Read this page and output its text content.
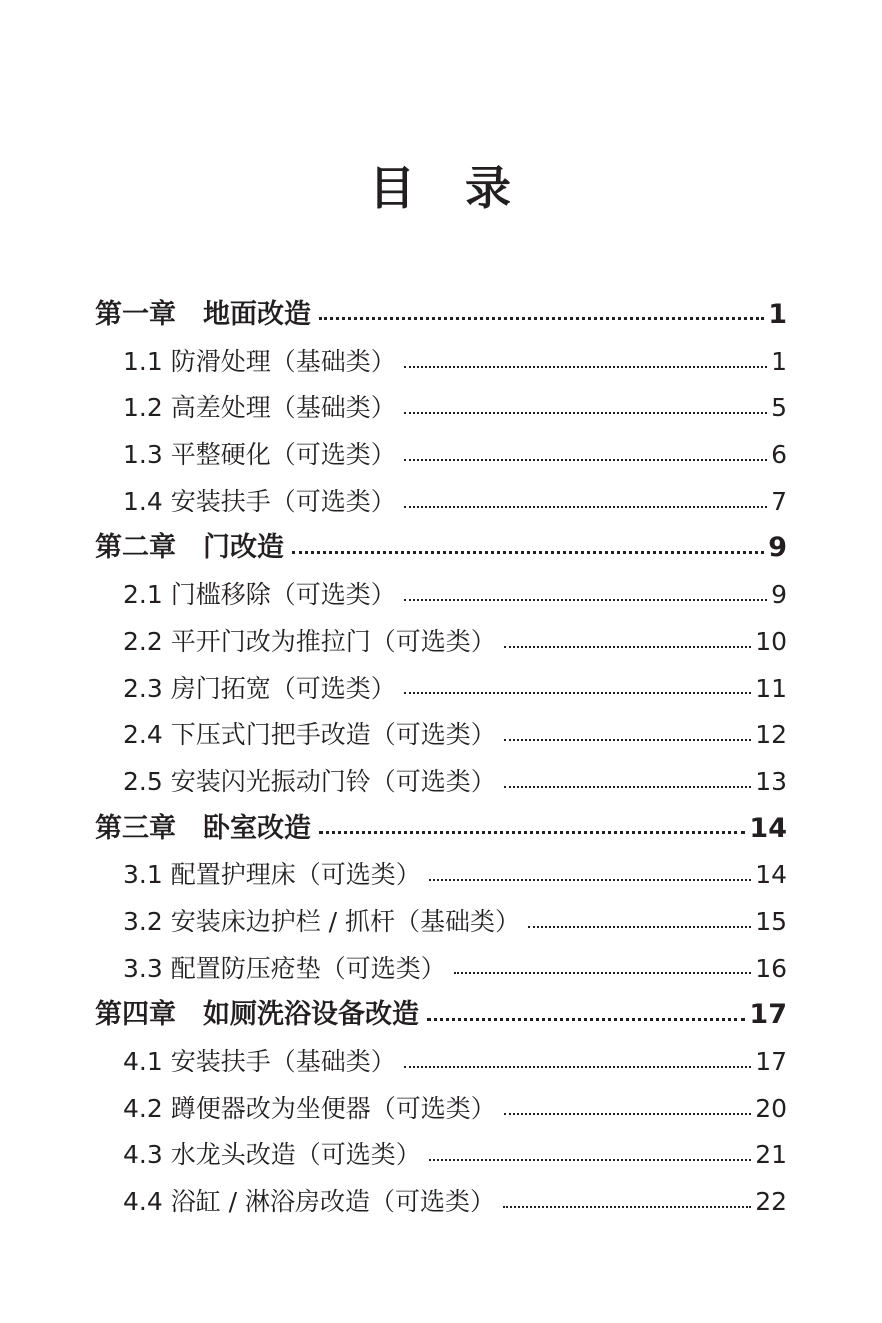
目　录
第一章　地面改造	1
1.1 防滑处理（基础类）	1
1.2 高差处理（基础类）	5
1.3 平整硬化（可选类）	6
1.4 安装扶手（可选类）	7
第二章　门改造	9
2.1 门槛移除（可选类）	9
2.2 平开门改为推拉门（可选类）	10
2.3 房门拓宽（可选类）	11
2.4 下压式门把手改造（可选类）	12
2.5 安装闪光振动门铃（可选类）	13
第三章　卧室改造	14
3.1 配置护理床（可选类）	14
3.2 安装床边护栏 / 抓杆（基础类）	15
3.3 配置防压疮垫（可选类）	16
第四章　如厕洗浴设备改造	17
4.1 安装扶手（基础类）	17
4.2 蹲便器改为坐便器（可选类）	20
4.3 水龙头改造（可选类）	21
4.4 浴缸 / 淋浴房改造（可选类）	22
